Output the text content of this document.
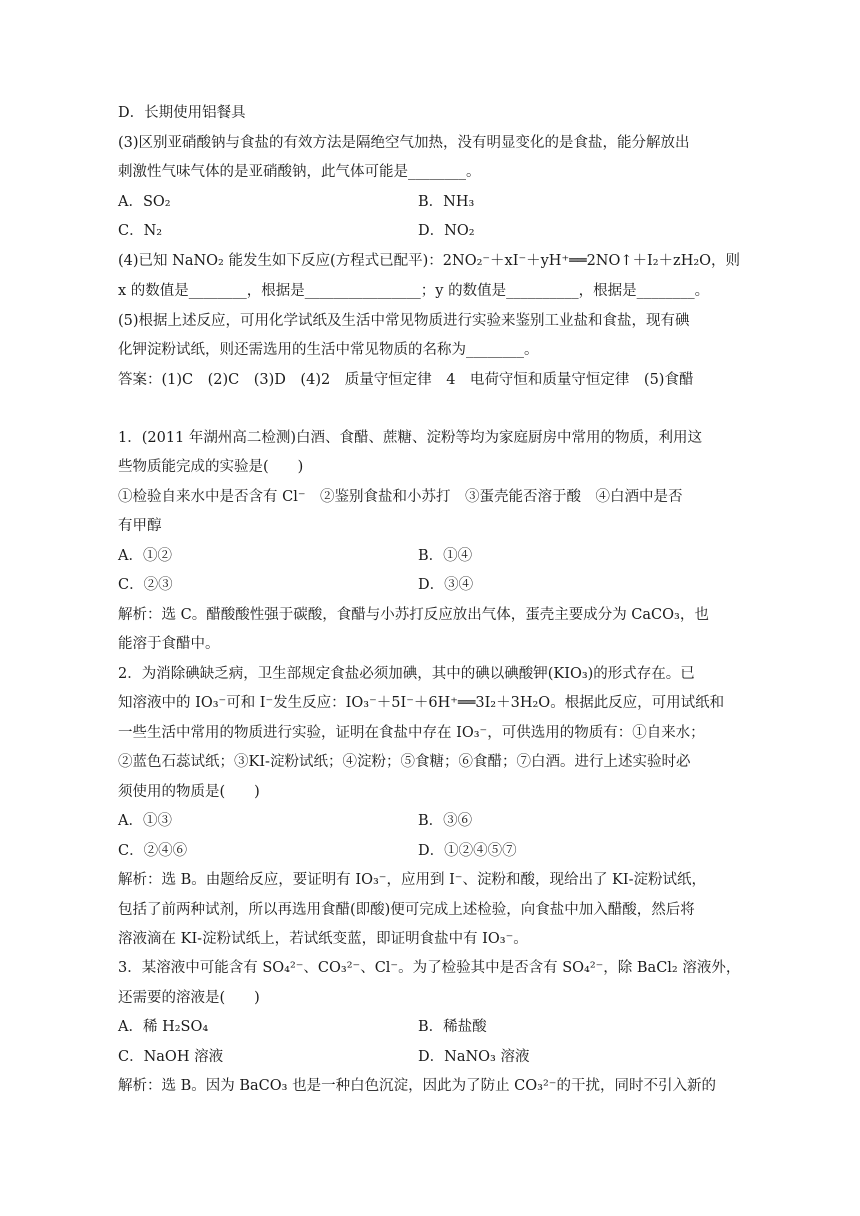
D．长期使用铝餐具
(3)区别亚硝酸钠与食盐的有效方法是隔绝空气加热，没有明显变化的是食盐，能分解放出
刺激性气味气体的是亚硝酸钠，此气体可能是________。
A．SO₂	B．NH₃
C．N₂	D．NO₂
(4)已知 NaNO₂ 能发生如下反应(方程式已配平)：2NO₂⁻＋xI⁻＋yH⁺══2NO↑＋I₂＋zH₂O，则
x 的数值是________，根据是________________；y 的数值是__________，根据是________。
(5)根据上述反应，可用化学试纸及生活中常见物质进行实验来鉴别工业盐和食盐，现有碘
化钾淀粉试纸，则还需选用的生活中常见物质的名称为________。
答案：(1)C　(2)C　(3)D　(4)2　质量守恒定律　4　电荷守恒和质量守恒定律　(5)食醋
1．(2011 年湖州高二检测)白酒、食醋、蔗糖、淀粉等均为家庭厨房中常用的物质，利用这
些物质能完成的实验是(　　)
①检验自来水中是否含有 Cl⁻　②鉴别食盐和小苏打　③蛋壳能否溶于酸　④白酒中是否
有甲醇
A．①②	B．①④
C．②③	D．③④
解析：选 C。醋酸酸性强于碳酸，食醋与小苏打反应放出气体，蛋壳主要成分为 CaCO₃，也
能溶于食醋中。
2．为消除碘缺乏病，卫生部规定食盐必须加碘，其中的碘以碘酸钾(KIO₃)的形式存在。已
知溶液中的 IO₃⁻可和 I⁻发生反应：IO₃⁻＋5I⁻＋6H⁺══3I₂＋3H₂O。根据此反应，可用试纸和
一些生活中常用的物质进行实验，证明在食盐中存在 IO₃⁻，可供选用的物质有：①自来水；
②蓝色石蕊试纸；③KI-淀粉试纸；④淀粉；⑤食糖；⑥食醋；⑦白酒。进行上述实验时必
须使用的物质是(　　)
A．①③	B．③⑥
C．②④⑥	D．①②④⑤⑦
解析：选 B。由题给反应，要证明有 IO₃⁻，应用到 I⁻、淀粉和酸，现给出了 KI-淀粉试纸，
包括了前两种试剂，所以再选用食醋(即酸)便可完成上述检验，向食盐中加入醋酸，然后将
溶液滴在 KI-淀粉试纸上，若试纸变蓝，即证明食盐中有 IO₃⁻。
3．某溶液中可能含有 SO₄²⁻、CO₃²⁻、Cl⁻。为了检验其中是否含有 SO₄²⁻，除 BaCl₂ 溶液外，
还需要的溶液是(　　)
A．稀 H₂SO₄	B．稀盐酸
C．NaOH 溶液	D．NaNO₃ 溶液
解析：选 B。因为 BaCO₃ 也是一种白色沉淀，因此为了防止 CO₃²⁻的干扰，同时不引入新的
